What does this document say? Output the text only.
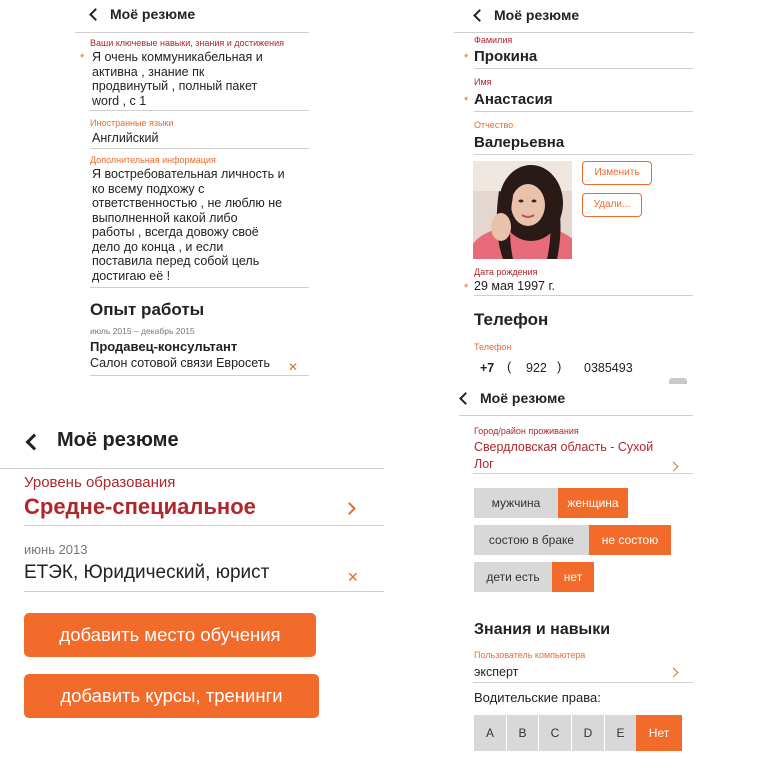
Моё резюме
Ваши ключевые навыки, знания и достижения
* Я очень коммуникабельная и
активна , знание пк
продвинутый , полный пакет
word , с 1
Иностранные языки
Английский
Дополнительная информация
Я востребовательная личность и
ко всему подхожу с
ответственностью , не люблю не
выполненной какой либо
работы , всегда довожу своё
дело до конца , и если
поставила перед собой цель
достигаю её !
Опыт работы
июль 2015 – декабрь 2015
Продавец-консультант
Салон сотовой связи Евросеть ✕
Моё резюме
Фамилия
* Прокина
Имя
* Анастасия
Отчество
Валерьевна
Изменить
Удали...
Дата рождения
* 29 мая 1997 г.
Телефон
Телефон
+7 ( 922 ) 0385493
Моё резюме
Уровень образования
Средне-специальное
июнь 2013
ЕТЭК, Юридический, юрист	✕
добавить место обучения
добавить курсы, тренинги
Моё резюме
Город/район проживания
Свердловская область - Сухой
Лог
мужчина	женщина
состою в браке	не состою
дети есть	нет
Знания и навыки
Пользователь компьютера
эксперт
Водительские права:
A	B	C	D	E	Нет
